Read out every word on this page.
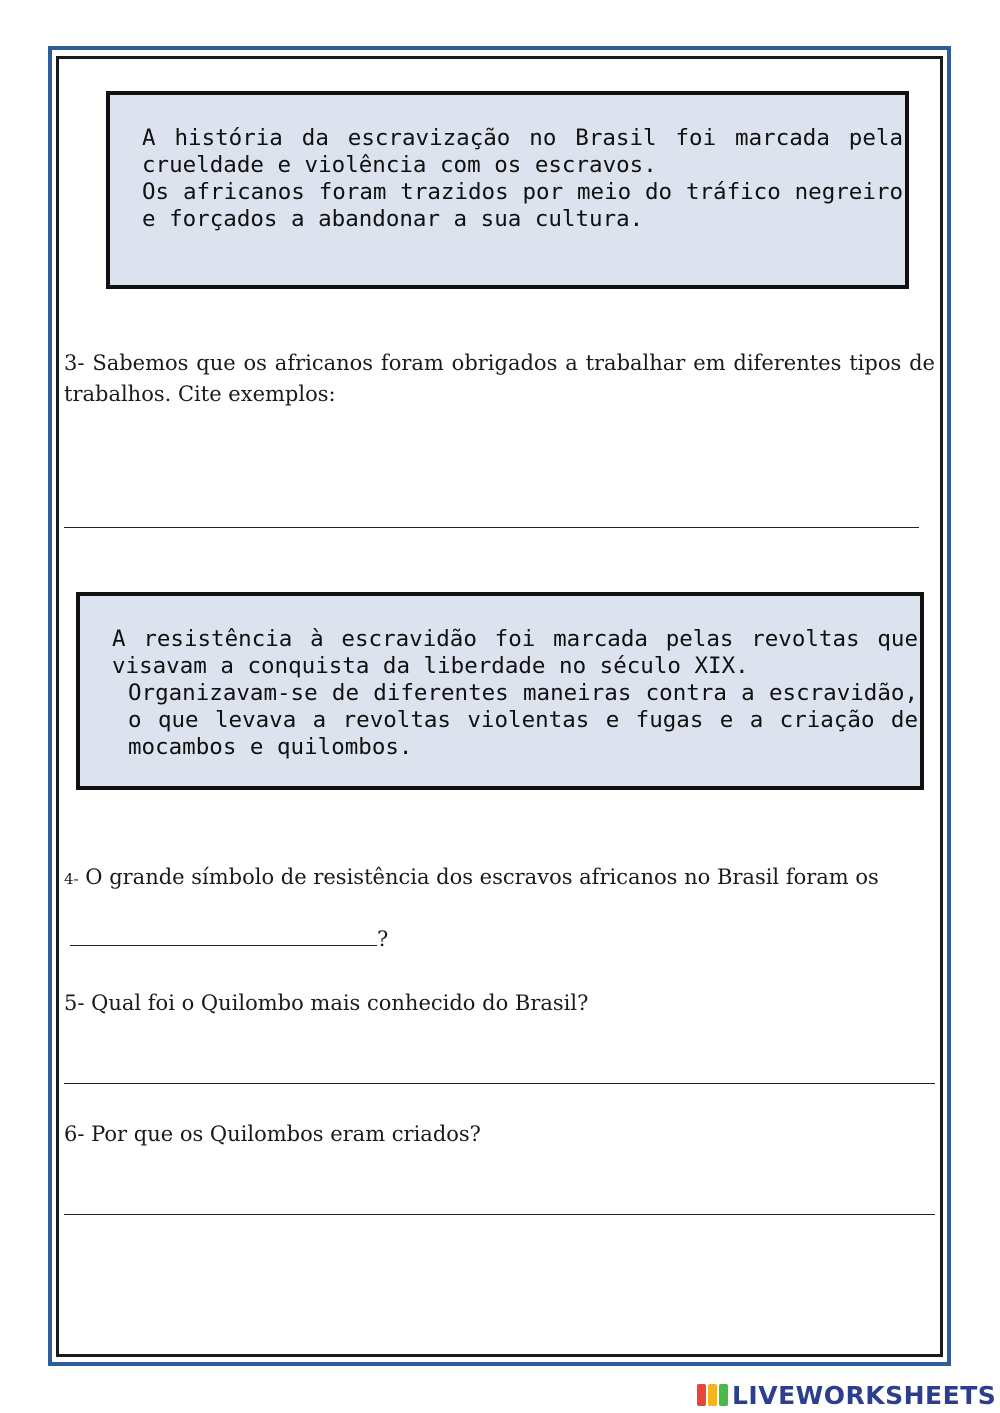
A história da escravização no Brasil foi marcada pela crueldade e violência com os escravos.

Os africanos foram trazidos por meio do tráfico negreiro e forçados a abandonar a sua cultura.

3- Sabemos que os africanos foram obrigados a trabalhar em diferentes tipos de trabalhos. Cite exemplos:

A resistência à escravidão foi marcada pelas revoltas que visavam a conquista da liberdade no século XIX.

Organizavam-se de diferentes maneiras contra a escravidão, o que levava a revoltas violentas e fugas e a criação de mocambos e quilombos.

4- O grande símbolo de resistência dos escravos africanos no Brasil foram os

?

5- Qual foi o Quilombo mais conhecido do Brasil?

6- Por que os Quilombos eram criados?

LIVEWORKSHEETS
